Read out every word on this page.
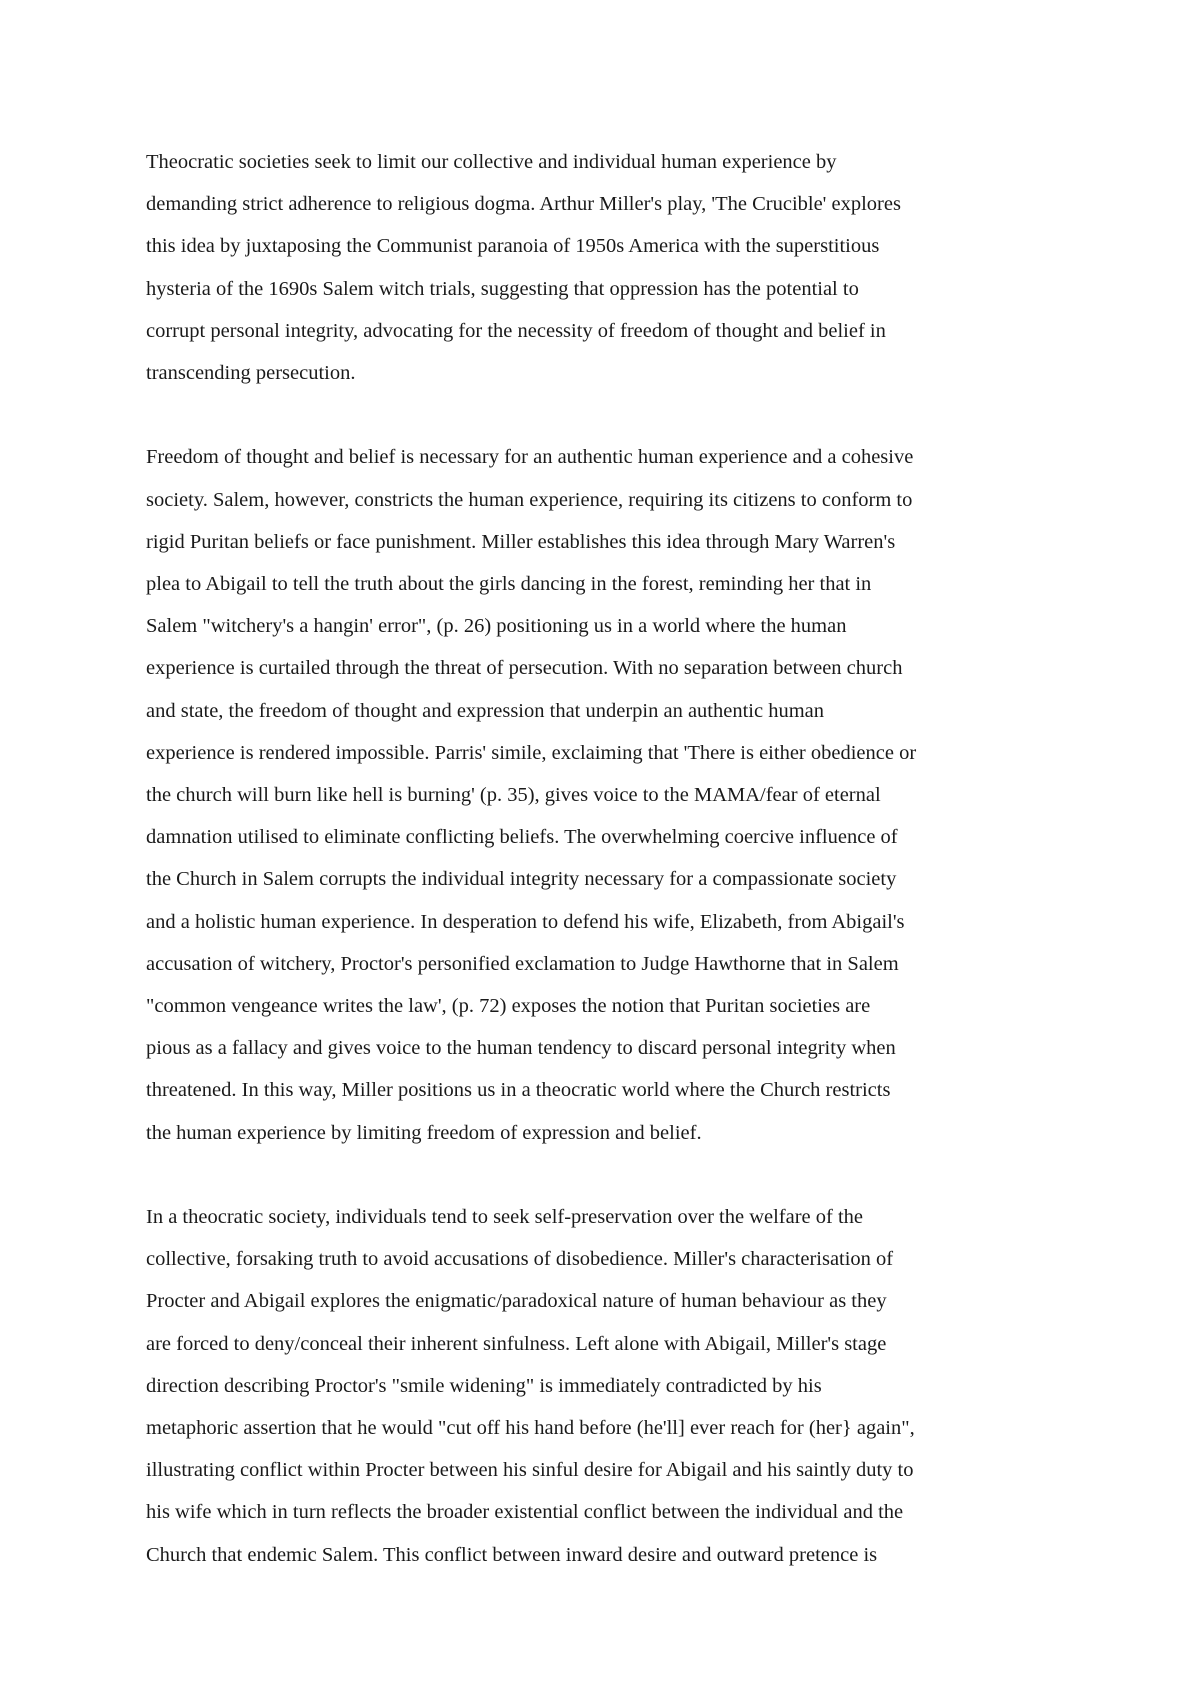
Theocratic societies seek to limit our collective and individual human experience by
demanding strict adherence to religious dogma. Arthur Miller's play, 'The Crucible' explores
this idea by juxtaposing the Communist paranoia of 1950s America with the superstitious
hysteria of the 1690s Salem witch trials, suggesting that oppression has the potential to
corrupt personal integrity, advocating for the necessity of freedom of thought and belief in
transcending persecution.

Freedom of thought and belief is necessary for an authentic human experience and a cohesive
society. Salem, however, constricts the human experience, requiring its citizens to conform to
rigid Puritan beliefs or face punishment. Miller establishes this idea through Mary Warren's
plea to Abigail to tell the truth about the girls dancing in the forest, reminding her that in
Salem "witchery's a hangin' error", (p. 26) positioning us in a world where the human
experience is curtailed through the threat of persecution. With no separation between church
and state, the freedom of thought and expression that underpin an authentic human
experience is rendered impossible. Parris' simile, exclaiming that 'There is either obedience or
the church will burn like hell is burning' (p. 35), gives voice to the MAMA/fear of eternal
damnation utilised to eliminate conflicting beliefs. The overwhelming coercive influence of
the Church in Salem corrupts the individual integrity necessary for a compassionate society
and a holistic human experience. In desperation to defend his wife, Elizabeth, from Abigail's
accusation of witchery, Proctor's personified exclamation to Judge Hawthorne that in Salem
"common vengeance writes the law', (p. 72) exposes the notion that Puritan societies are
pious as a fallacy and gives voice to the human tendency to discard personal integrity when
threatened. In this way, Miller positions us in a theocratic world where the Church restricts
the human experience by limiting freedom of expression and belief.

In a theocratic society, individuals tend to seek self-preservation over the welfare of the
collective, forsaking truth to avoid accusations of disobedience. Miller's characterisation of
Procter and Abigail explores the enigmatic/paradoxical nature of human behaviour as they
are forced to deny/conceal their inherent sinfulness. Left alone with Abigail, Miller's stage
direction describing Proctor's "smile widening" is immediately contradicted by his
metaphoric assertion that he would "cut off his hand before (he'll] ever reach for (her} again",
illustrating conflict within Procter between his sinful desire for Abigail and his saintly duty to
his wife which in turn reflects the broader existential conflict between the individual and the
Church that endemic Salem. This conflict between inward desire and outward pretence is
